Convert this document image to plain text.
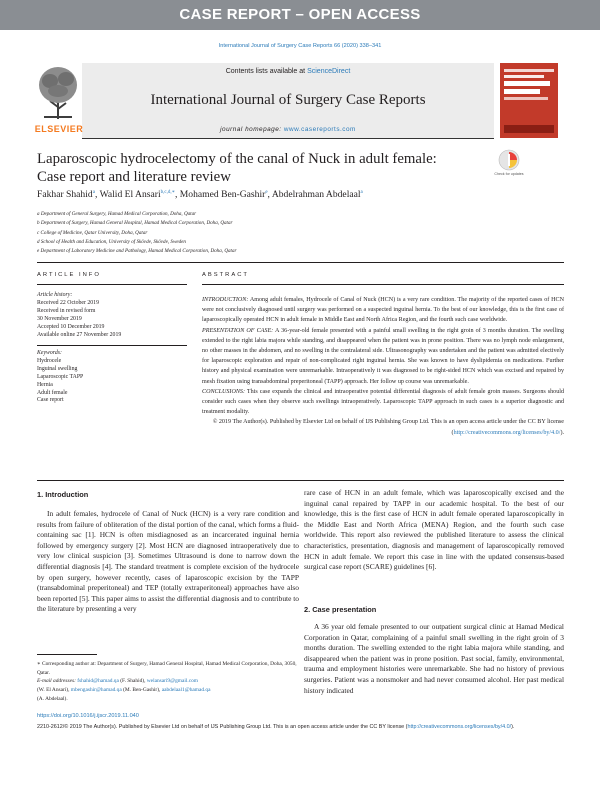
CASE REPORT – OPEN ACCESS
International Journal of Surgery Case Reports 66 (2020) 338–341
Contents lists available at ScienceDirect
International Journal of Surgery Case Reports
journal homepage: www.casereports.com
ELSEVIER
Laparoscopic hydrocelectomy of the canal of Nuck in adult female:
Case report and literature review	Check for updates
Fakhar Shahid$^a$, Walid El Ansari$^{b,c,d,∗}$, Mohamed Ben-Gashir$^e$, Abdelrahman Abdelaal$^a$
a Department of General Surgery, Hamad Medical Corporation, Doha, Qatar
b Department of Surgery, Hamad General Hospital, Hamad Medical Corporation, Doha, Qatar
c College of Medicine, Qatar University, Doha, Qatar
d School of Health and Education, University of Skövde, Skövde, Sweden
e Department of Laboratory Medicine and Pathology, Hamad Medical Corporation, Doha, Qatar
ARTICLE INFO	ABSTRACT
Article history:
Received 22 October 2019
Received in revised form
30 November 2019
Accepted 10 December 2019
Available online 27 November 2019
Keywords:
Hydrocele
Inguinal swelling
Laparoscopic TAPP
Hernia
Adult female
Case report
INTRODUCTION: Among adult females, Hydrocele of Canal of Nuck (HCN) is a very rare condition. The majority of the reported cases of HCN were not conclusively diagnosed until surgery was performed on a suspected inguinal hernia. To the best of our knowledge, this is the first case of laparoscopically operated HCN in adult female in Middle East and North Africa Region, and the fourth such case worldwide.
PRESENTATION OF CASE: A 36-year-old female presented with a painful small swelling in the right groin of 3 months duration. The swelling extended to the right labia majora while standing, and disappeared when the patient was in prone position. There was no lymph node enlargement, no other masses in the abdomen, and no swelling in the contralateral side. Ultrasonography was undertaken and the patient was admitted electively for laparoscopic exploration and repair of non-complicated right inguinal hernia. She was known to have dyslipidemia on medications. Further history and physical examination were unremarkable. Intraoperatively it was diagnosed to be right-sided HCN which was excised and repaired by mesh fixation using transabdominal preperitoneal (TAPP) approach. Her follow up course was unremarkable.
CONCLUSIONS: This case expands the clinical and intraoperative potential differential diagnosis of adult female groin masses. Surgeons should consider such cases when they observe such swellings intraoperatively. Laparoscopic TAPP approach in such cases is a superior diagnostic and treatment modality.
© 2019 The Author(s). Published by Elsevier Ltd on behalf of IJS Publishing Group Ltd. This is an open access article under the CC BY license (http://creativecommons.org/licenses/by/4.0/).
1. Introduction
In adult females, hydrocele of Canal of Nuck (HCN) is a very rare condition and results from failure of obliteration of the distal portion of the canal, which forms a fluid-containing sac [1]. HCN is often misdiagnosed as an incarcerated inguinal hernia followed by emergency surgery [2]. Most HCN are diagnosed intraoperatively due to very low clinical suspicion [3]. Sometimes Ultrasound is done to narrow down the differential diagnosis [4]. The standard treatment is complete excision of the hydrocele by open surgery, however recently, cases of laparoscopic excision by the TAPP (transabdominal preperitoneal) and TEP (totally extraperitoneal) approaches have also been reported [5]. This paper aims to assist the differential diagnosis and to contribute to the literature by presenting a very
rare case of HCN in an adult female, which was laparoscopically excised and the inguinal canal repaired by TAPP in our academic hospital. To the best of our knowledge, this is the first case of HCN in adult female operated laparoscopically in the Middle East and North Africa (MENA) Region, and the fourth such case worldwide. This report also reviewed the published literature to assess the clinical characteristics, presentation, diagnosis and management of laparoscopically removed HCN in adult female. We report this case in line with the updated consensus-based surgical case report (SCARE) guidelines [6].
2. Case presentation
A 36 year old female presented to our outpatient surgical clinic at Hamad Medical Corporation in Qatar, complaining of a painful small swelling in the right groin of 3 months duration. The swelling extended to the right labia majora while standing, and disappeared when the patient was in prone position. Past social, family, environmental, trauma and employment histories were unremarkable. She had no history of previous surgeries. Patient was a nonsmoker and had never consumed alcohol. Her past medical history indicated
∗ Corresponding author at: Department of Surgery, Hamad General Hospital, Hamad Medical Corporation, Doha, 3050, Qatar.
E-mail addresses: fshahid@hamad.qa (F. Shahid), welansari9@gmail.com
(W. El Ansari), mbengashir@hamad.qa (M. Ben-Gashir), aabdelaal1@hamad.qa
(A. Abdelaal).
https://doi.org/10.1016/j.ijscr.2019.11.040
2210-2612/© 2019 The Author(s). Published by Elsevier Ltd on behalf of IJS Publishing Group Ltd. This is an open access article under the CC BY license (http://creativecommons.org/licenses/by/4.0/).
